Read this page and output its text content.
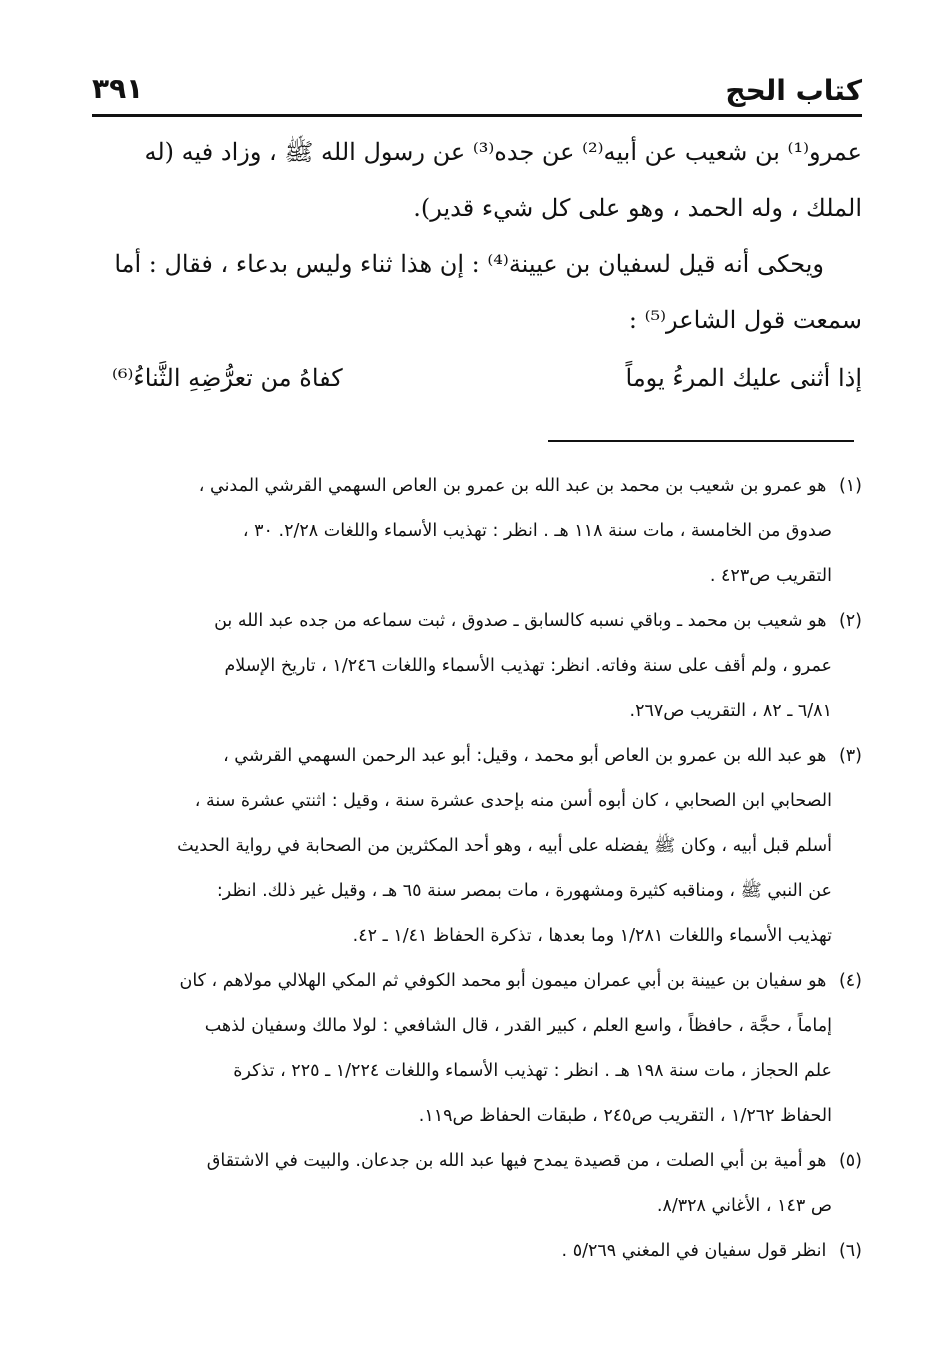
كتاب الحج
٣٩١
عمرو⁽¹⁾ بن شعيب عن أبيه⁽²⁾ عن جده⁽³⁾ عن رسول الله ﷺ ، وزاد فيه (له
الملك ، وله الحمد ، وهو على كل شيء قدير).
ويحكى أنه قيل لسفيان بن عيينة⁽⁴⁾ : إن هذا ثناء وليس بدعاء ، فقال : أما
سمعت قول الشاعر⁽⁵⁾ :
إذا أثنى عليك المرءُ يوماً
كفاهُ من تعرُّضِهِ الثَّناءُ⁽⁶⁾
(١) هو عمرو بن شعيب بن محمد بن عبد الله بن عمرو بن العاص السهمي القرشي المدني ،
صدوق من الخامسة ، مات سنة ١١٨ هـ . انظر : تهذيب الأسماء واللغات ٢/٢٨. ٣٠ ،
التقريب ص٤٢٣ .
(٢) هو شعيب بن محمد ـ وباقي نسبه كالسابق ـ صدوق ، ثبت سماعه من جده عبد الله بن
عمرو ، ولم أقف على سنة وفاته. انظر: تهذيب الأسماء واللغات ١/٢٤٦ ، تاريخ الإسلام
٦/٨١ ـ ٨٢ ، التقريب ص٢٦٧.
(٣) هو عبد الله بن عمرو بن العاص أبو محمد ، وقيل: أبو عبد الرحمن السهمي القرشي ،
الصحابي ابن الصحابي ، كان أبوه أسن منه بإحدى عشرة سنة ، وقيل : اثنتي عشرة سنة ،
أسلم قبل أبيه ، وكان ﷺ يفضله على أبيه ، وهو أحد المكثرين من الصحابة في رواية الحديث
عن النبي ﷺ ، ومناقبه كثيرة ومشهورة ، مات بمصر سنة ٦٥ هـ ، وقيل غير ذلك. انظر:
تهذيب الأسماء واللغات ١/٢٨١ وما بعدها ، تذكرة الحفاظ ١/٤١ ـ ٤٢.
(٤) هو سفيان بن عيينة بن أبي عمران ميمون أبو محمد الكوفي ثم المكي الهلالي مولاهم ، كان
إماماً ، حجَّة ، حافظاً ، واسع العلم ، كبير القدر ، قال الشافعي : لولا مالك وسفيان لذهب
علم الحجاز ، مات سنة ١٩٨ هـ . انظر : تهذيب الأسماء واللغات ١/٢٢٤ ـ ٢٢٥ ، تذكرة
الحفاظ ١/٢٦٢ ، التقريب ص٢٤٥ ، طبقات الحفاظ ص١١٩.
(٥) هو أمية بن أبي الصلت ، من قصيدة يمدح فيها عبد الله بن جدعان. والبيت في الاشتقاق
ص ١٤٣ ، الأغاني ٨/٣٢٨.
(٦) انظر قول سفيان في المغني ٥/٢٦٩ .
